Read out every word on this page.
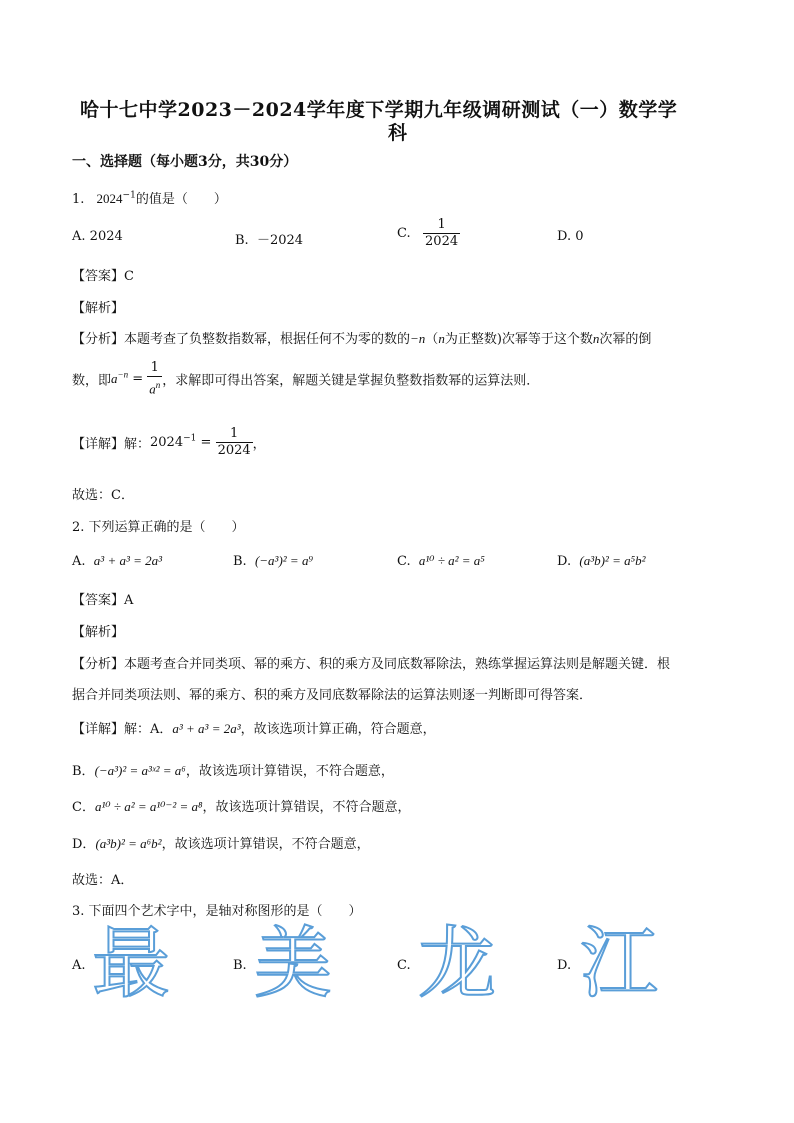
哈十七中学2023－2024学年度下学期九年级调研测试（一）数学学
科
一、选择题（每小题3分，共30分）
1. $2024^{-1}$的值是（　　）
A. 2024	B. －2024	C. $\frac{1}{2024}$	D. 0
【答案】C
【解析】
【分析】本题考查了负整数指数幂，根据任何不为零的数的−n（n为正整数)次幂等于这个数n次幂的倒
数，即$a^{-n} = \frac{1}{a^n}$ ，求解即可得出答案，解题关键是掌握负整数指数幂的运算法则．
【详解】解：$2024^{-1} = \frac{1}{2024}$ ，
故选：C．
2. 下列运算正确的是（　　）
A. a³ + a³ = 2a³	B. (−a³)² = a⁹	C. a¹⁰ ÷ a² = a⁵	D. (a³b)² = a⁵b²
【答案】A
【解析】
【分析】本题考查合并同类项、幂的乘方、积的乘方及同底数幂除法，熟练掌握运算法则是解题关键．根
据合并同类项法则、幂的乘方、积的乘方及同底数幂除法的运算法则逐一判断即可得答案．
【详解】解：A．a³ + a³ = 2a³，故该选项计算正确，符合题意，
B．(−a³)² = a³ˣ² = a⁶，故该选项计算错误，不符合题意，
C．a¹⁰ ÷ a² = a¹⁰⁻² = a⁸，故该选项计算错误，不符合题意，
D．(a³b)² = a⁶b²，故该选项计算错误，不符合题意，
故选：A．
3. 下面四个艺术字中，是轴对称图形的是（　　）
A. 最	B. 美	C. 龙	D. 江
